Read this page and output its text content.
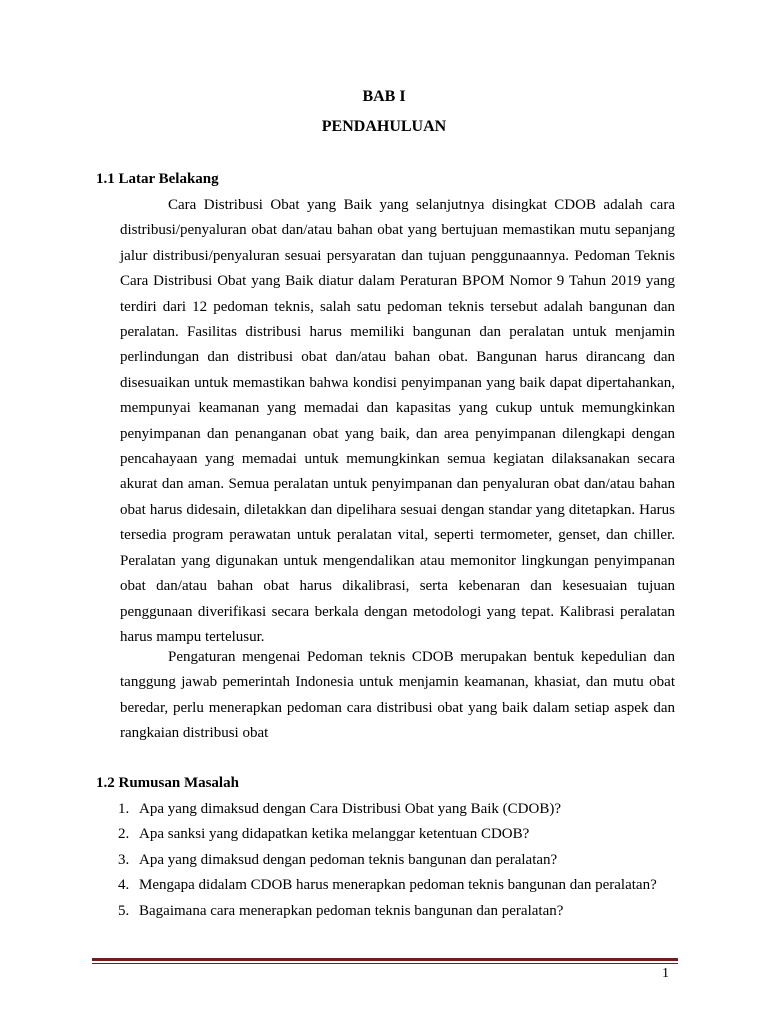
BAB I
PENDAHULUAN
1.1 Latar Belakang

Cara Distribusi Obat yang Baik yang selanjutnya disingkat CDOB adalah cara distribusi/penyaluran obat dan/atau bahan obat yang bertujuan memastikan mutu sepanjang jalur distribusi/penyaluran sesuai persyaratan dan tujuan penggunaannya. Pedoman Teknis Cara Distribusi Obat yang Baik diatur dalam Peraturan BPOM Nomor 9 Tahun 2019 yang terdiri dari 12 pedoman teknis, salah satu pedoman teknis tersebut adalah bangunan dan peralatan. Fasilitas distribusi harus memiliki bangunan dan peralatan untuk menjamin perlindungan dan distribusi obat dan/atau bahan obat. Bangunan harus dirancang dan disesuaikan untuk memastikan bahwa kondisi penyimpanan yang baik dapat dipertahankan, mempunyai keamanan yang memadai dan kapasitas yang cukup untuk memungkinkan penyimpanan dan penanganan obat yang baik, dan area penyimpanan dilengkapi dengan pencahayaan yang memadai untuk memungkinkan semua kegiatan dilaksanakan secara akurat dan aman. Semua peralatan untuk penyimpanan dan penyaluran obat dan/atau bahan obat harus didesain, diletakkan dan dipelihara sesuai dengan standar yang ditetapkan. Harus tersedia program perawatan untuk peralatan vital, seperti termometer, genset, dan chiller. Peralatan yang digunakan untuk mengendalikan atau memonitor lingkungan penyimpanan obat dan/atau bahan obat harus dikalibrasi, serta kebenaran dan kesesuaian tujuan penggunaan diverifikasi secara berkala dengan metodologi yang tepat. Kalibrasi peralatan harus mampu tertelusur.

Pengaturan mengenai Pedoman teknis CDOB merupakan bentuk kepedulian dan tanggung jawab pemerintah Indonesia untuk menjamin keamanan, khasiat, dan mutu obat beredar, perlu menerapkan pedoman cara distribusi obat yang baik dalam setiap aspek dan rangkaian distribusi obat

1.2 Rumusan Masalah
1. Apa yang dimaksud dengan Cara Distribusi Obat yang Baik (CDOB)?
2. Apa sanksi yang didapatkan ketika melanggar ketentuan CDOB?
3. Apa yang dimaksud dengan pedoman teknis bangunan dan peralatan?
4. Mengapa didalam CDOB harus menerapkan pedoman teknis bangunan dan peralatan?
5. Bagaimana cara menerapkan pedoman teknis bangunan dan peralatan?
1
